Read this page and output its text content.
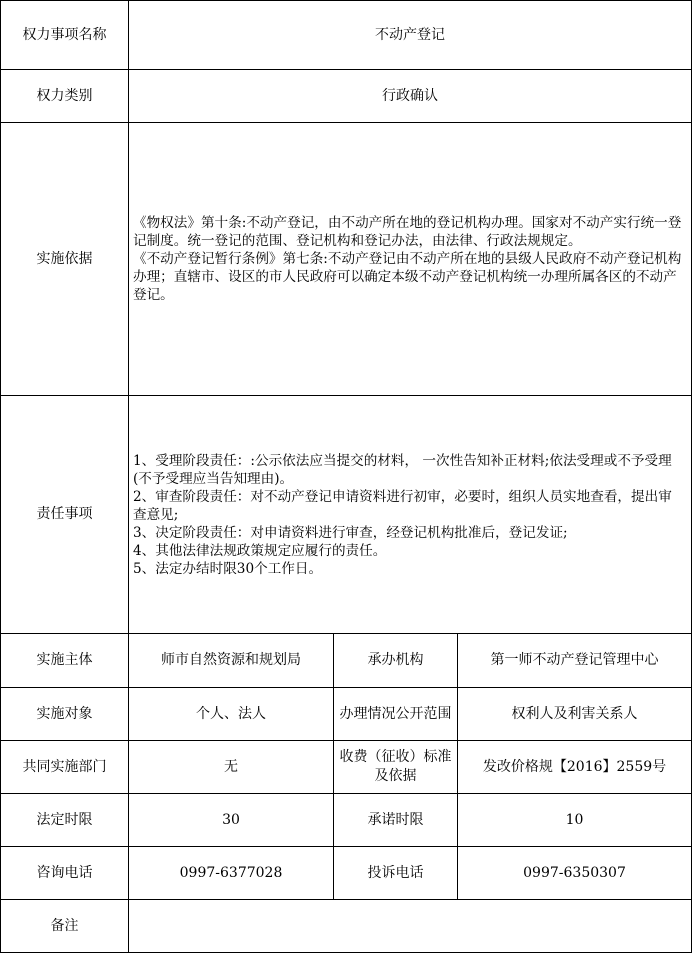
权力事项名称	不动产登记		
权力类别	行政确认		
实施依据	《物权法》第十条:不动产登记，由不动产所在地的登记机构办理。国家对不动产实行统一登记制度。统一登记的范围、登记机构和登记办法，由法律、行政法规规定。

《不动产登记暂行条例》第七条:不动产登记由不动产所在地的县级人民政府不动产登记机构办理；直辖市、设区的市人民政府可以确定本级不动产登记机构统一办理所属各区的不动产登记。		

责任事项	1、受理阶段责任：:公示依法应当提交的材料， 一次性告知补正材料;依法受理或不予受理(不予受理应当告知理由)。

2、审查阶段责任：对不动产登记申请资料进行初审，必要时，组织人员实地查看，提出审查意见;

3、决定阶段责任：对申请资料进行审查，经登记机构批准后，登记发证;

4、其他法律法规政策规定应履行的责任。

5、法定办结时限30个工作日。		

实施主体	师市自然资源和规划局	承办机构	第一师不动产登记管理中心
实施对象	个人、法人	办理情况公开范围	权利人及利害关系人
共同实施部门	无	收费（征收）标准及依据	发改价格规【2016】2559号
法定时限	30	承诺时限	10
咨询电话	0997-6377028	投诉电话	0997-6350307
备注			
